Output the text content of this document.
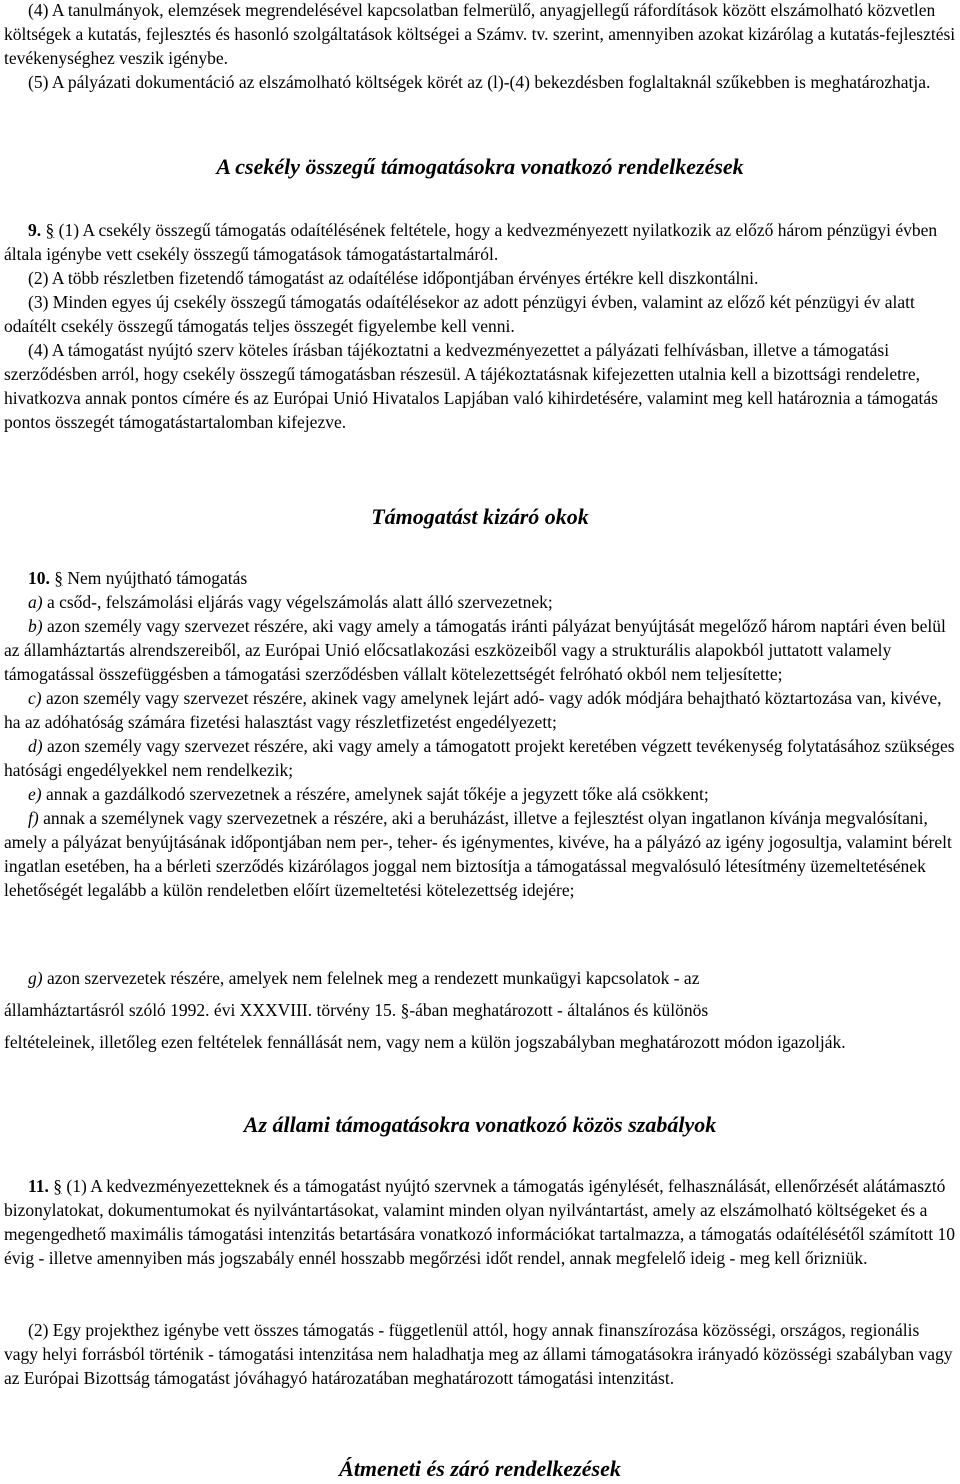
(4) A tanulmányok, elemzések megrendelésével kapcsolatban felmerülő, anyagjellegű ráfordítások között elszámolható közvetlen költségek a kutatás, fejlesztés és hasonló szolgáltatások költségei a Számv. tv. szerint, amennyiben azokat kizárólag a kutatás-fejlesztési tevékenységhez veszik igénybe.

(5) A pályázati dokumentáció az elszámolható költségek körét az (l)-(4) bekezdésben foglaltaknál szűkebben is meghatározhatja.

A csekély összegű támogatásokra vonatkozó rendelkezések

9. § (1) A csekély összegű támogatás odaítélésének feltétele, hogy a kedvezményezett nyilatkozik az előző három pénzügyi évben általa igénybe vett csekély összegű támogatások támogatástartalmáról.

(2) A több részletben fizetendő támogatást az odaítélése időpontjában érvényes értékre kell diszkontálni.

(3) Minden egyes új csekély összegű támogatás odaítélésekor az adott pénzügyi évben, valamint az előző két pénzügyi év alatt odaítélt csekély összegű támogatás teljes összegét figyelembe kell venni.

(4) A támogatást nyújtó szerv köteles írásban tájékoztatni a kedvezményezettet a pályázati felhívásban, illetve a támogatási szerződésben arról, hogy csekély összegű támogatásban részesül. A tájékoztatásnak kifejezetten utalnia kell a bizottsági rendeletre, hivatkozva annak pontos címére és az Európai Unió Hivatalos Lapjában való kihirdetésére, valamint meg kell határoznia a támogatás pontos összegét támogatástartalomban kifejezve.

Támogatást kizáró okok

10. § Nem nyújtható támogatás

a) a csőd-, felszámolási eljárás vagy végelszámolás alatt álló szervezetnek;

b) azon személy vagy szervezet részére, aki vagy amely a támogatás iránti pályázat benyújtását megelőző három naptári éven belül az államháztartás alrendszereiből, az Európai Unió előcsatlakozási eszközeiből vagy a strukturális alapokból juttatott valamely támogatással összefüggésben a támogatási szerződésben vállalt kötelezettségét felróható okból nem teljesítette;

c) azon személy vagy szervezet részére, akinek vagy amelynek lejárt adó- vagy adók módjára behajtható köztartozása van, kivéve, ha az adóhatóság számára fizetési halasztást vagy részletfizetést engedélyezett;

d) azon személy vagy szervezet részére, aki vagy amely a támogatott projekt keretében végzett tevékenység folytatásához szükséges hatósági engedélyekkel nem rendelkezik;

e) annak a gazdálkodó szervezetnek a részére, amelynek saját tőkéje a jegyzett tőke alá csökkent;

f) annak a személynek vagy szervezetnek a részére, aki a beruházást, illetve a fejlesztést olyan ingatlanon kívánja megvalósítani, amely a pályázat benyújtásának időpontjában nem per-, teher- és igénymentes, kivéve, ha a pályázó az igény jogosultja, valamint bérelt ingatlan esetében, ha a bérleti szerződés kizárólagos joggal nem biztosítja a támogatással megvalósuló létesítmény üzemeltetésének lehetőségét legalább a külön rendeletben előírt üzemeltetési kötelezettség idejére;

g) azon szervezetek részére, amelyek nem felelnek meg a rendezett munkaügyi kapcsolatok - az

államháztartásról szóló 1992. évi XXXVIII. törvény 15. §-ában meghatározott - általános és különös

feltételeinek, illetőleg ezen feltételek fennállását nem, vagy nem a külön jogszabályban meghatározott módon igazolják.

Az állami támogatásokra vonatkozó közös szabályok

11. § (1) A kedvezményezetteknek és a támogatást nyújtó szervnek a támogatás igénylését, felhasználását, ellenőrzését alátámasztó bizonylatokat, dokumentumokat és nyilvántartásokat, valamint minden olyan nyilvántartást, amely az elszámolható költségeket és a megengedhető maximális támogatási intenzitás betartására vonatkozó információkat tartalmazza, a támogatás odaítélésétől számított 10 évig - illetve amennyiben más jogszabály ennél hosszabb megőrzési időt rendel, annak megfelelő ideig - meg kell őrizniük.

(2) Egy projekthez igénybe vett összes támogatás - függetlenül attól, hogy annak finanszírozása közösségi, országos, regionális vagy helyi forrásból történik - támogatási intenzitása nem haladhatja meg az állami támogatásokra irányadó közösségi szabályban vagy az Európai Bizottság támogatást jóváhagyó határozatában meghatározott támogatási intenzitást.

Átmeneti és záró rendelkezések
